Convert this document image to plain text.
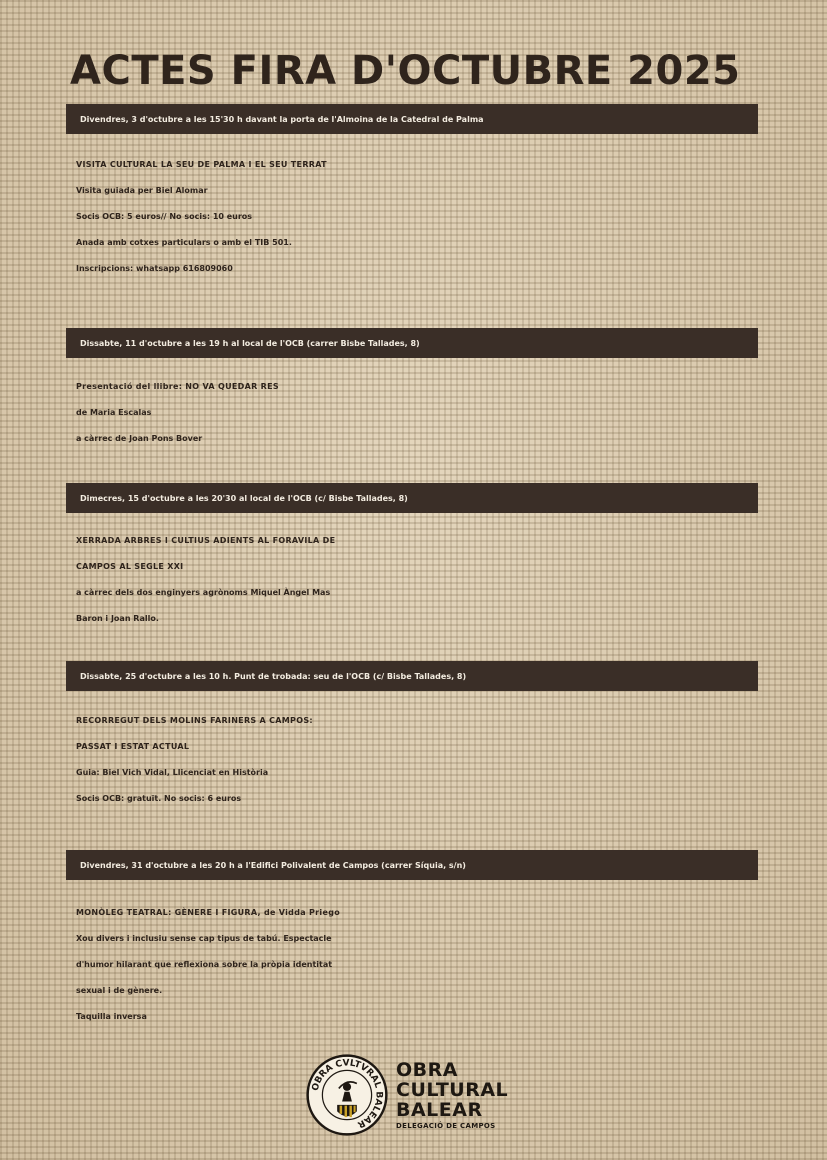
ACTES FIRA D'OCTUBRE 2025
Divendres, 3 d'octubre a les 15'30 h davant la porta de l'Almoina de la Catedral de Palma
VISITA CULTURAL LA SEU DE PALMA I EL SEU TERRAT
Visita guiada per Biel Alomar
Socis OCB: 5 euros// No socis: 10 euros
Anada amb cotxes particulars o amb el TIB 501.
Inscripcions: whatsapp 616809060
Dissabte, 11 d'octubre a les 19 h al local de l'OCB (carrer Bisbe Tallades, 8)
Presentació del llibre: NO VA QUEDAR RES
de Maria Escalas
a càrrec de Joan Pons Bover
Dimecres, 15 d'octubre a les 20'30 al local de l'OCB (c/ Bisbe Tallades, 8)
XERRADA ARBRES I CULTIUS ADIENTS AL FORAVILA DE
CAMPOS AL SEGLE XXI
a càrrec dels dos enginyers agrònoms Miquel Àngel Mas
Baron i Joan Rallo.
Dissabte, 25 d'octubre a les 10 h. Punt de trobada: seu de l'OCB (c/ Bisbe Tallades, 8)
RECORREGUT DELS MOLINS FARINERS A CAMPOS:
PASSAT I ESTAT ACTUAL
Guia: Biel Vich Vidal, Llicenciat en Història
Socis OCB: gratuït. No socis: 6 euros
Divendres, 31 d'octubre a les 20 h a l'Edifici Polivalent de Campos (carrer Síquia, s/n)
MONÒLEG TEATRAL: GÈNERE I FIGURA, de Vidda Priego
Xou divers i inclusiu sense cap tipus de tabú. Espectacle
d'humor hilarant que reflexiona sobre la pròpia identitat
sexual i de gènere.
Taquilla inversa
OBRA CVLTVRAL BALEAR
OBRA
CULTURAL
BALEAR
DELEGACIÓ DE CAMPOS
